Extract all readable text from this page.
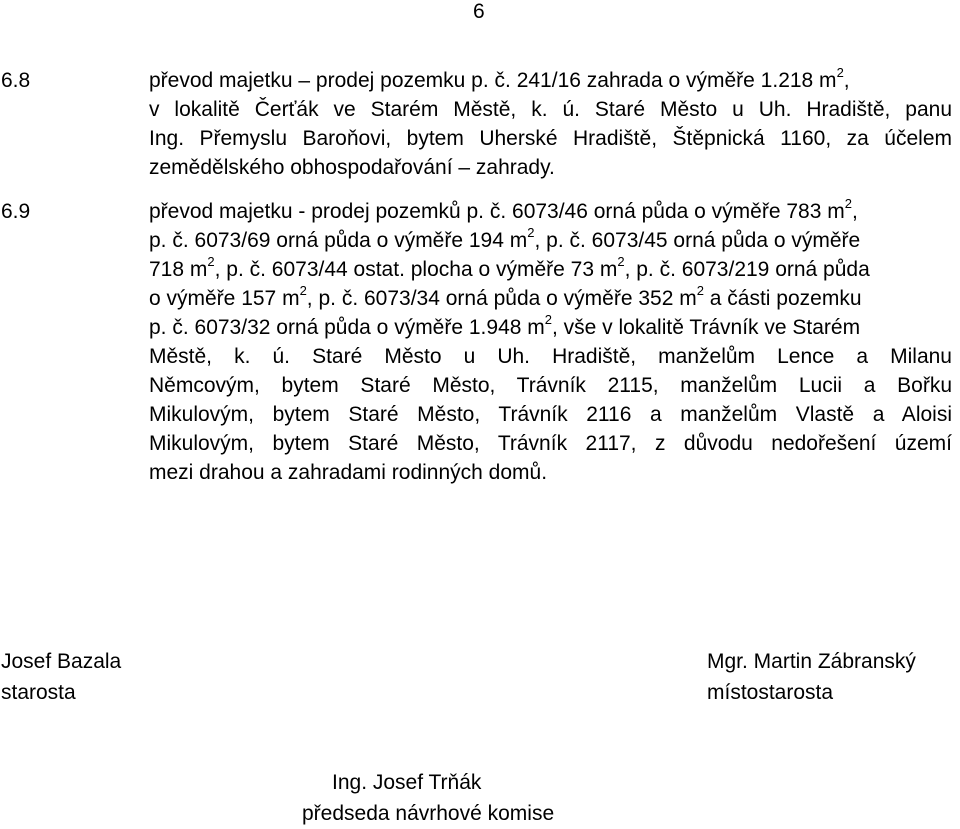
6
6.8	převod majetku – prodej pozemku p. č. 241/16 zahrada o výměře 1.218 $m^2$,
v lokalitě Čerťák ve Starém Městě, k. ú. Staré Město u Uh. Hradiště, panu
Ing. Přemyslu Baroňovi, bytem Uherské Hradiště, Štěpnická 1160, za účelem
zemědělského obhospodařování – zahrady.
6.9	převod majetku - prodej pozemků p. č. 6073/46 orná půda o výměře 783 $m^2$,
p. č. 6073/69 orná půda o výměře 194 $m^2$, p. č. 6073/45 orná půda o výměře
718 $m^2$, p. č. 6073/44 ostat. plocha o výměře 73 $m^2$, p. č. 6073/219 orná půda
o výměře 157 $m^2$, p. č. 6073/34 orná půda o výměře 352 $m^2$ a části pozemku
p. č. 6073/32 orná půda o výměře 1.948 $m^2$, vše v lokalitě Trávník ve Starém
Městě, k. ú. Staré Město u Uh. Hradiště, manželům Lence a Milanu
Němcovým, bytem Staré Město, Trávník 2115, manželům Lucii a Bořku
Mikulovým, bytem Staré Město, Trávník 2116 a manželům Vlastě a Aloisi
Mikulovým, bytem Staré Město, Trávník 2117, z důvodu nedořešení území
mezi drahou a zahradami rodinných domů.
Josef Bazala
starosta
Mgr. Martin Zábranský
místostarosta
Ing. Josef Trňák
předseda návrhové komise
